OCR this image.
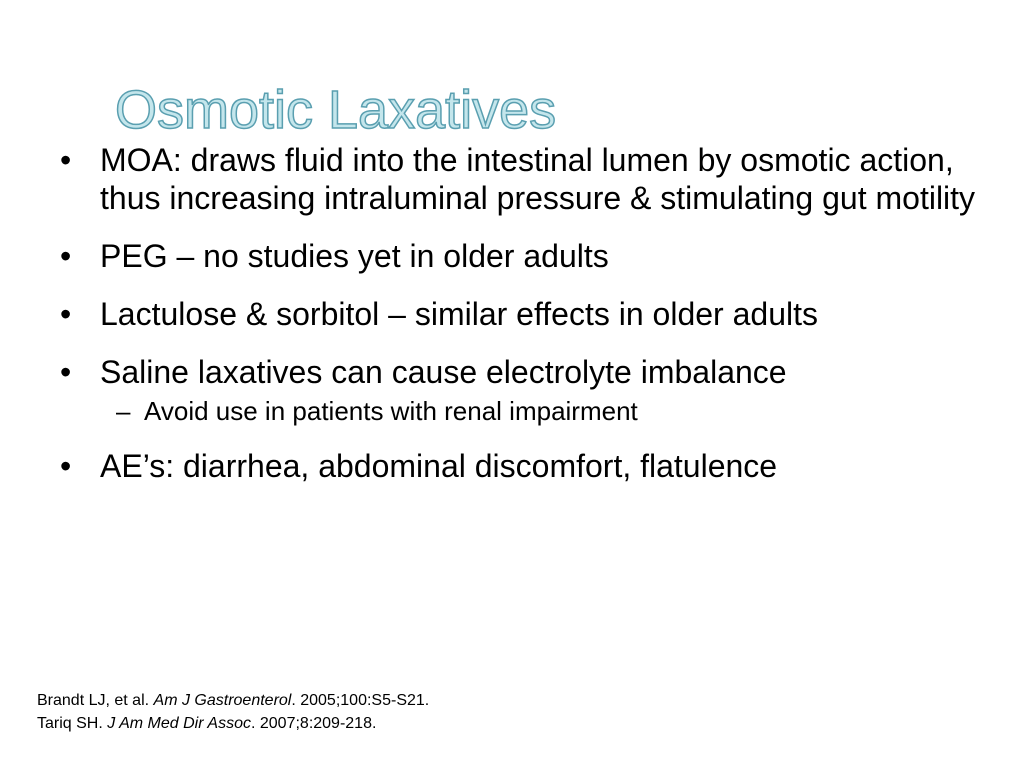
Osmotic Laxatives
• MOA: draws fluid into the intestinal lumen by osmotic action, thus increasing intraluminal pressure & stimulating gut motility
• PEG – no studies yet in older adults
• Lactulose & sorbitol – similar effects in older adults
• Saline laxatives can cause electrolyte imbalance
– Avoid use in patients with renal impairment
• AE’s: diarrhea, abdominal discomfort, flatulence
Brandt LJ, et al. Am J Gastroenterol. 2005;100:S5-S21.
Tariq SH. J Am Med Dir Assoc. 2007;8:209-218.
